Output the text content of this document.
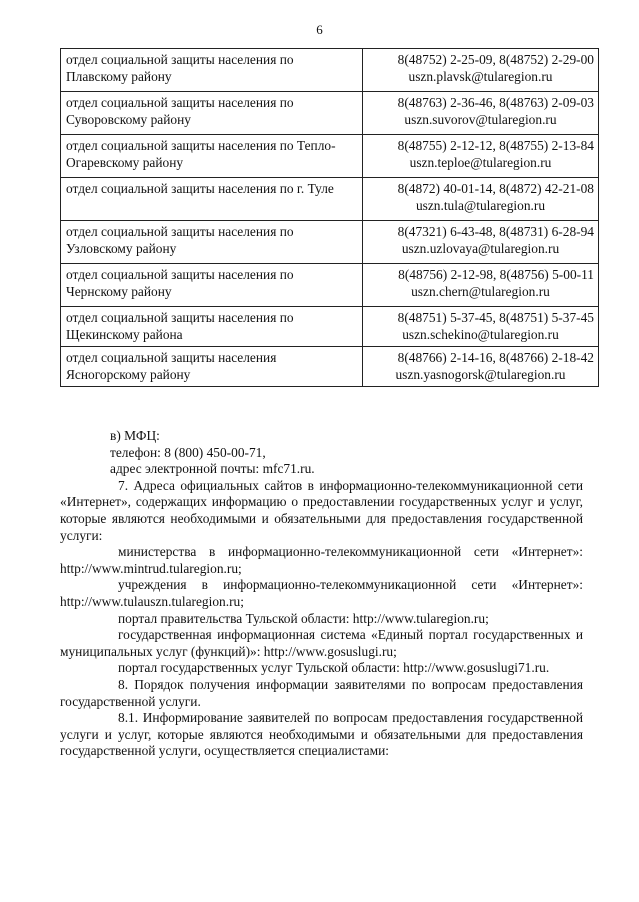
6
отдел социальной защиты населения по Плавскому району	8(48752) 2-25-09, 8(48752) 2-29-00
uszn.plavsk@tularegion.ru

отдел социальной защиты населения по Суворовскому району	8(48763) 2-36-46, 8(48763) 2-09-03
uszn.suvorov@tularegion.ru

отдел социальной защиты населения по Тепло-Огаревскому району	8(48755) 2-12-12, 8(48755) 2-13-84
uszn.teploe@tularegion.ru

отдел социальной защиты населения по г. Туле	8(4872) 40-01-14, 8(4872) 42-21-08
uszn.tula@tularegion.ru

отдел социальной защиты населения по Узловскому району	8(47321) 6-43-48, 8(48731) 6-28-94
uszn.uzlovaya@tularegion.ru

отдел социальной защиты населения по Чернскому району	8(48756) 2-12-98, 8(48756) 5-00-11
uszn.chern@tularegion.ru

отдел социальной защиты населения по Щекинскому района	8(48751) 5-37-45, 8(48751) 5-37-45
uszn.schekino@tularegion.ru

отдел социальной защиты населения Ясногорскому району	8(48766) 2-14-16, 8(48766) 2-18-42
uszn.yasnogorsk@tularegion.ru

в) МФЦ:

телефон: 8 (800) 450-00-71,

адрес электронной почты: mfc71.ru.

7. Адреса официальных сайтов в информационно-телекоммуникационной сети «Интернет», содержащих информацию о предоставлении государственных услуг и услуг, которые являются необходимыми и обязательными для предоставления государственной услуги:

министерства в информационно-телекоммуникационной сети «Интернет»: http://www.mintrud.tularegion.ru;

учреждения в информационно-телекоммуникационной сети «Интернет»: http://www.tulauszn.tularegion.ru;

портал правительства Тульской области: http://www.tularegion.ru;

государственная информационная система «Единый портал государственных и муниципальных услуг (функций)»: http://www.gosuslugi.ru;

портал государственных услуг Тульской области: http://www.gosuslugi71.ru.

8. Порядок получения информации заявителями по вопросам предоставления государственной услуги.

8.1. Информирование заявителей по вопросам предоставления государственной услуги и услуг, которые являются необходимыми и обязательными для предоставления государственной услуги, осуществляется специалистами:
